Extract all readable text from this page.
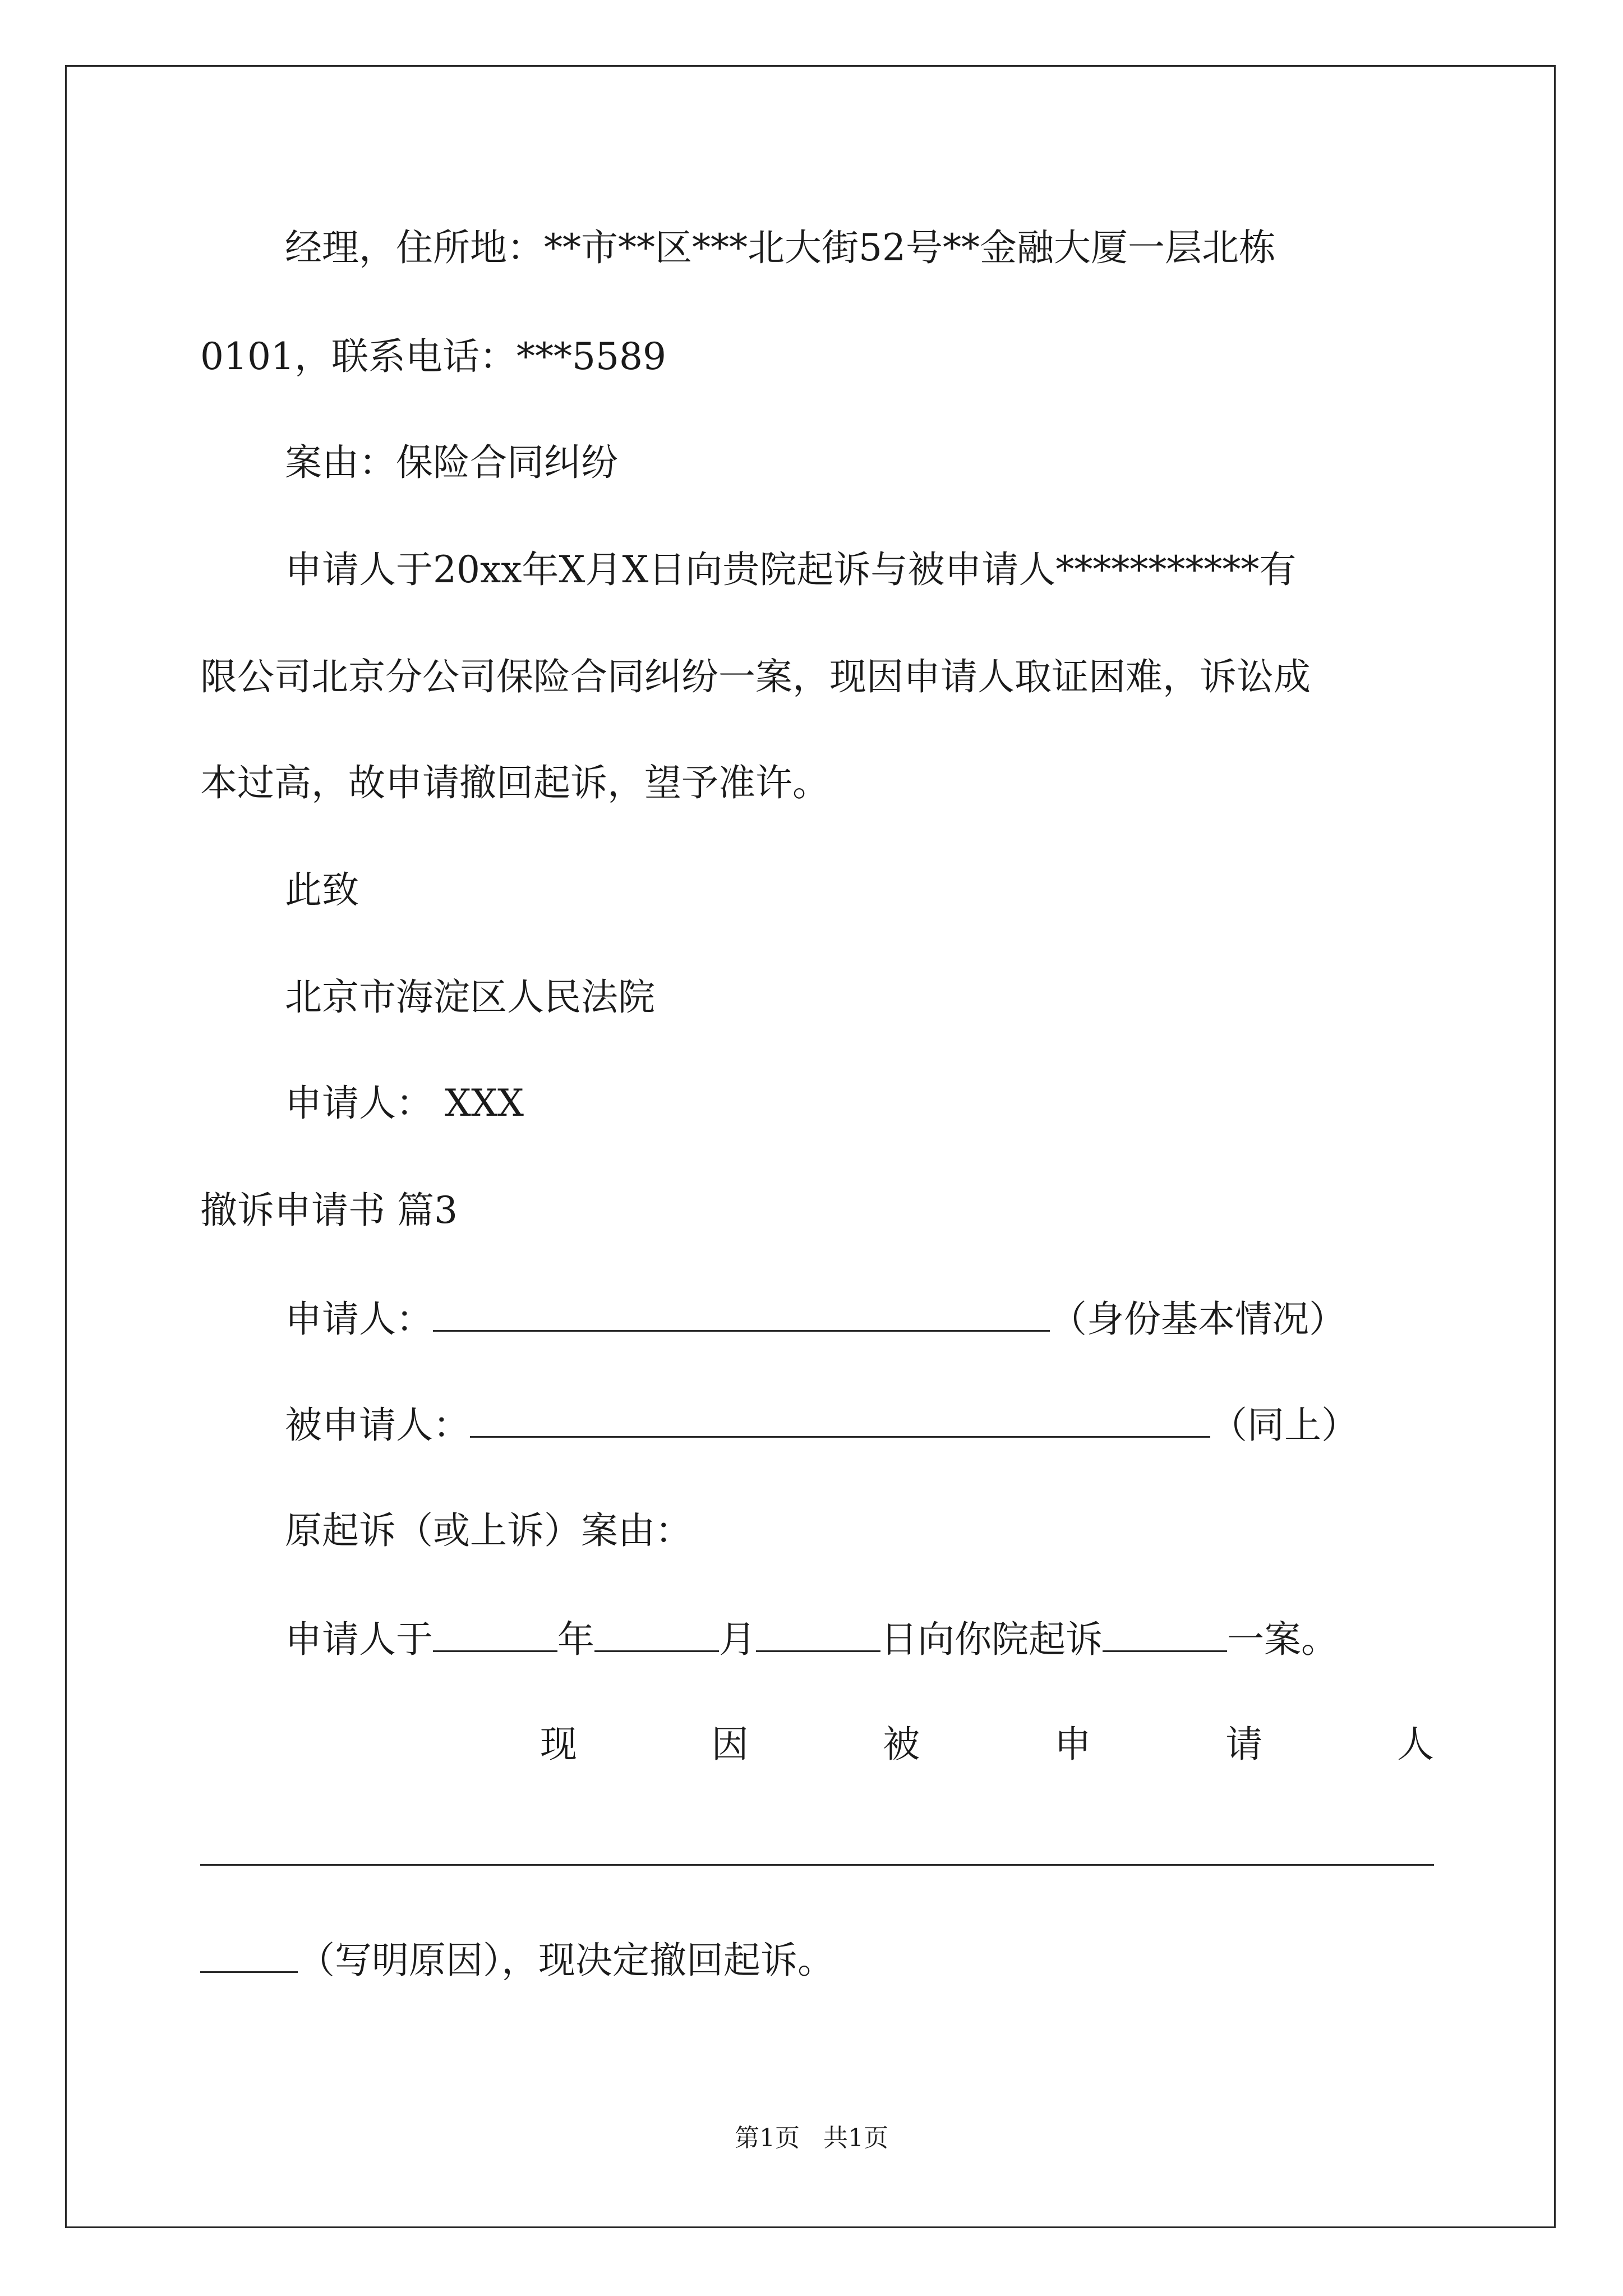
经理，住所地：**市**区***北大街52号**金融大厦一层北栋
0101，联系电话：***5589
案由：保险合同纠纷
申请人于20xx年X月X日向贵院起诉与被申请人***********有
限公司北京分公司保险合同纠纷一案，现因申请人取证困难，诉讼成
本过高，故申请撤回起诉，望予准许。
此致
北京市海淀区人民法院
申请人： XXX
撤诉申请书 篇3
申请人：	（身份基本情况）
被申请人：	（同上）
原起诉（或上诉）案由：
申请人于	年	月	日向你院起诉	一案。
现	因	被	申	请	人
（写明原因），现决定撤回起诉。
第1页 共1页
